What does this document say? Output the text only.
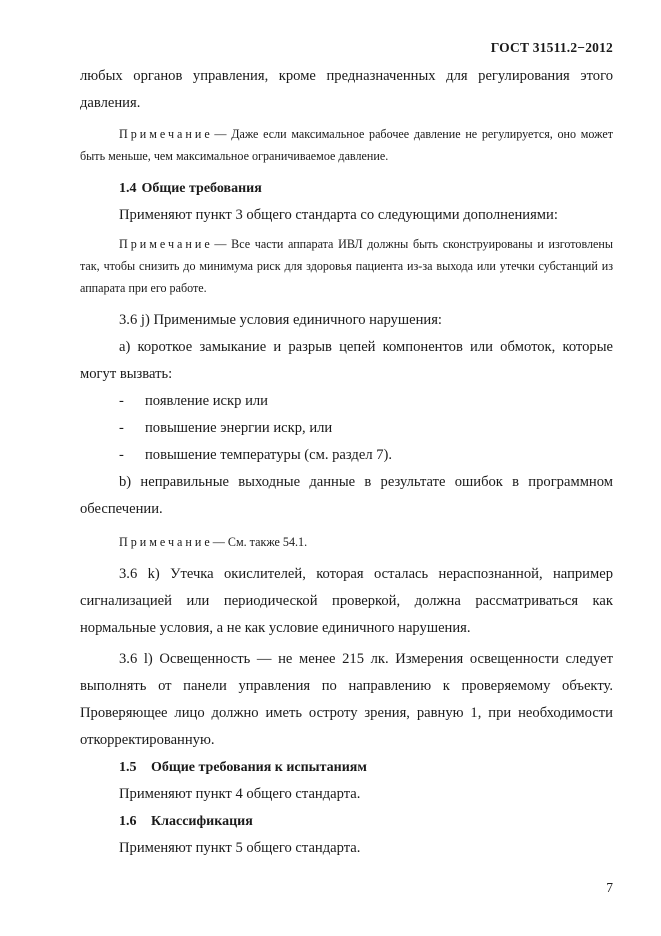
ГОСТ 31511.2−2012

любых органов управления, кроме предназначенных для регулирования этого давления.

Примечание — Даже если максимальное рабочее давление не регулируется, оно может быть меньше, чем максимальное ограничиваемое давление.

1.4 Общие требования

Применяют пункт 3 общего стандарта со следующими дополнениями:

Примечание — Все части аппарата ИВЛ должны быть сконструированы и изготовлены так, чтобы снизить до минимума риск для здоровья пациента из-за выхода или утечки субстанций из аппарата при его работе.

3.6 j) Применимые условия единичного нарушения:

а) короткое замыкание и разрыв цепей компонентов или обмоток, которые могут вызвать:

- появление искр или

- повышение энергии искр, или

- повышение температуры (см. раздел 7).

b) неправильные выходные данные в результате ошибок в программном обеспечении.

Примечание — См. также 54.1.

3.6 k) Утечка окислителей, которая осталась нераспознанной, например сигнализацией или периодической проверкой, должна рассматриваться как нормальные условия, а не как условие единичного нарушения.

3.6 l) Освещенность — не менее 215 лк. Измерения освещенности следует выполнять от панели управления по направлению к проверяемому объекту. Проверяющее лицо должно иметь остроту зрения, равную 1, при необходимости откорректированную.

1.5 Общие требования к испытаниям

Применяют пункт 4 общего стандарта.

1.6 Классификация

Применяют пункт 5 общего стандарта.

7
